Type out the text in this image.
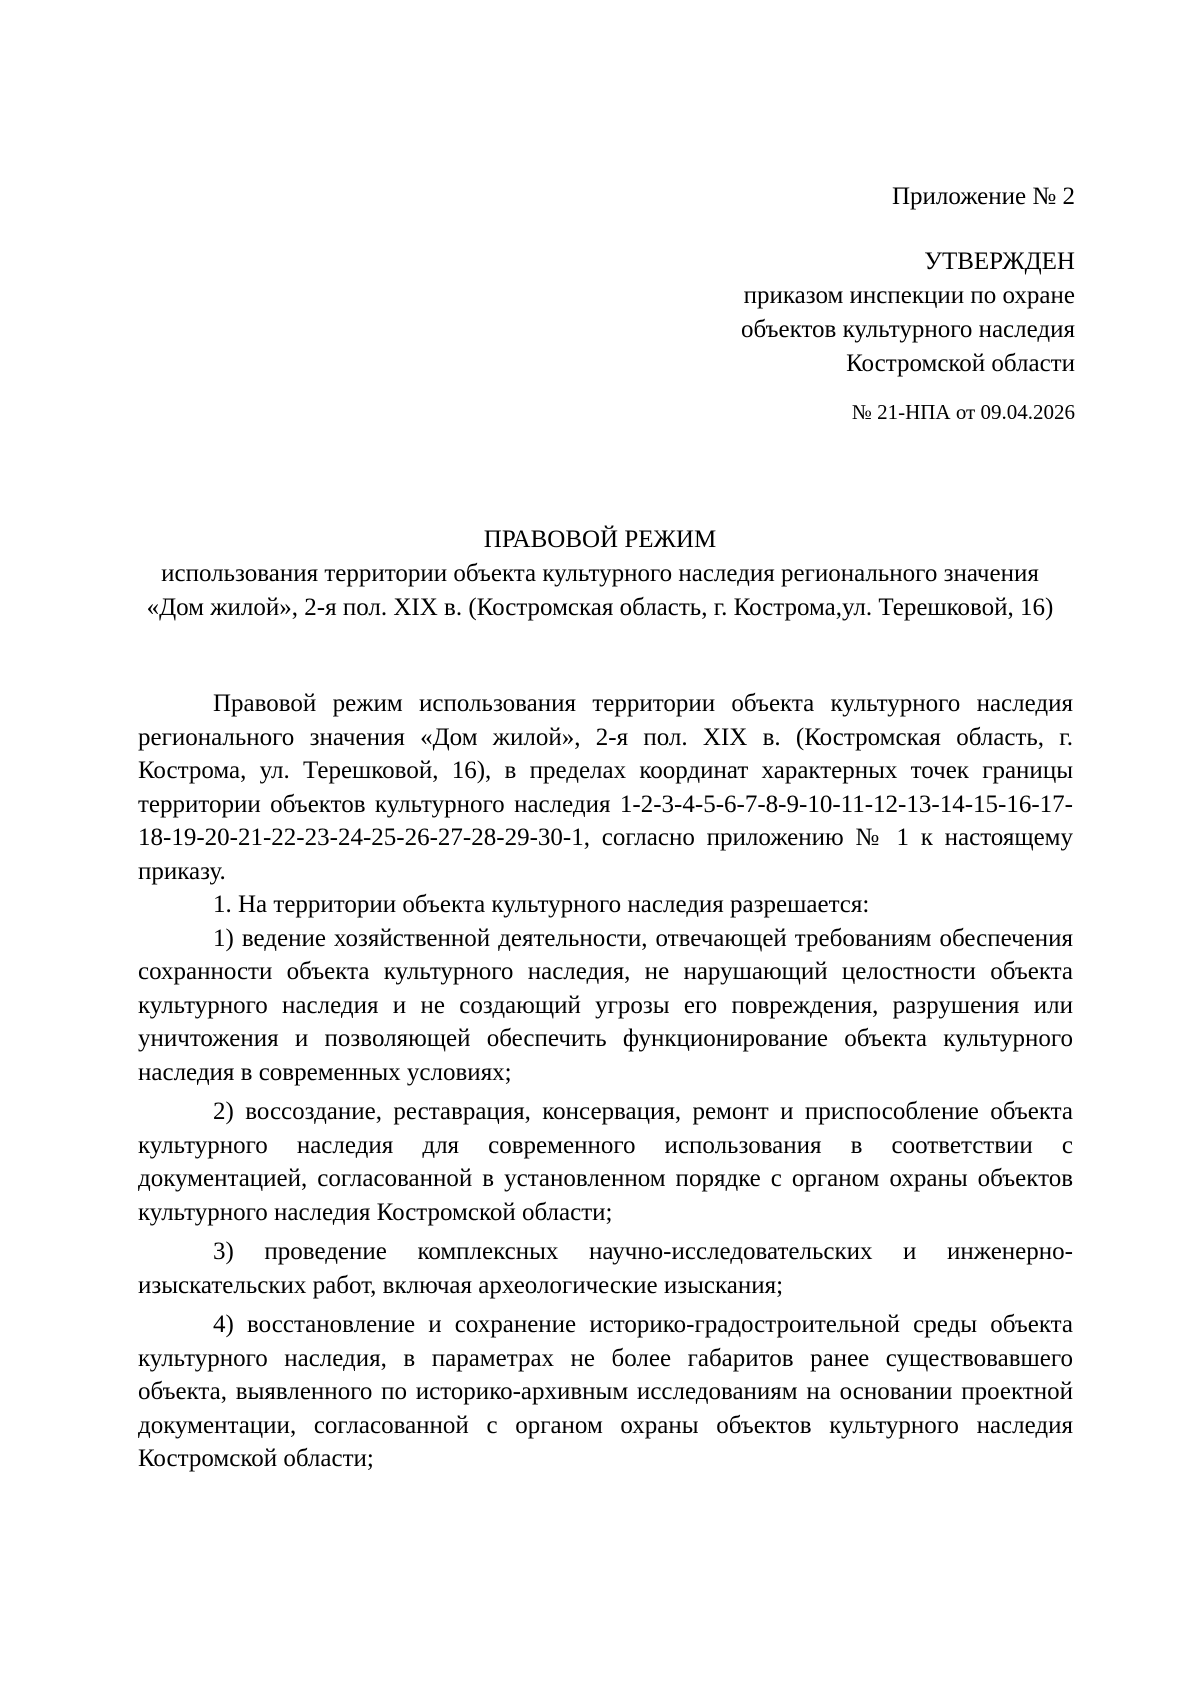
Приложение № 2
УТВЕРЖДЕН
приказом инспекции по охране
объектов культурного наследия
Костромской области
№ 21-НПА от 09.04.2026
ПРАВОВОЙ РЕЖИМ
использования территории объекта культурного наследия регионального значения «Дом жилой», 2-я пол. XIX в. (Костромская область, г. Кострома,ул. Терешковой, 16)

Правовой режим использования территории объекта культурного наследия регионального значения «Дом жилой», 2-я пол. XIX в. (Костромская область, г. Кострома, ул. Терешковой, 16), в пределах координат характерных точек границы территории объектов культурного наследия 1-2-3-4-5-6-7-8-9-10-11-12-13-14-15-16-17-18-19-20-21-22-23-24-25-26-27-28-29-30-1, согласно приложению № 1 к настоящему приказу.

1. На территории объекта культурного наследия разрешается:

1) ведение хозяйственной деятельности, отвечающей требованиям обеспечения сохранности объекта культурного наследия, не нарушающий целостности объекта культурного наследия и не создающий угрозы его повреждения, разрушения или уничтожения и позволяющей обеспечить функционирование объекта культурного наследия в современных условиях;

2) воссоздание, реставрация, консервация, ремонт и приспособление объекта культурного наследия для современного использования в соответствии с документацией, согласованной в установленном порядке с органом охраны объектов культурного наследия Костромской области;

3) проведение комплексных научно-исследовательских и инженерно-изыскательских работ, включая археологические изыскания;

4) восстановление и сохранение историко-градостроительной среды объекта культурного наследия, в параметрах не более габаритов ранее существовавшего объекта, выявленного по историко-архивным исследованиям на основании проектной документации, согласованной с органом охраны объектов культурного наследия Костромской области;
